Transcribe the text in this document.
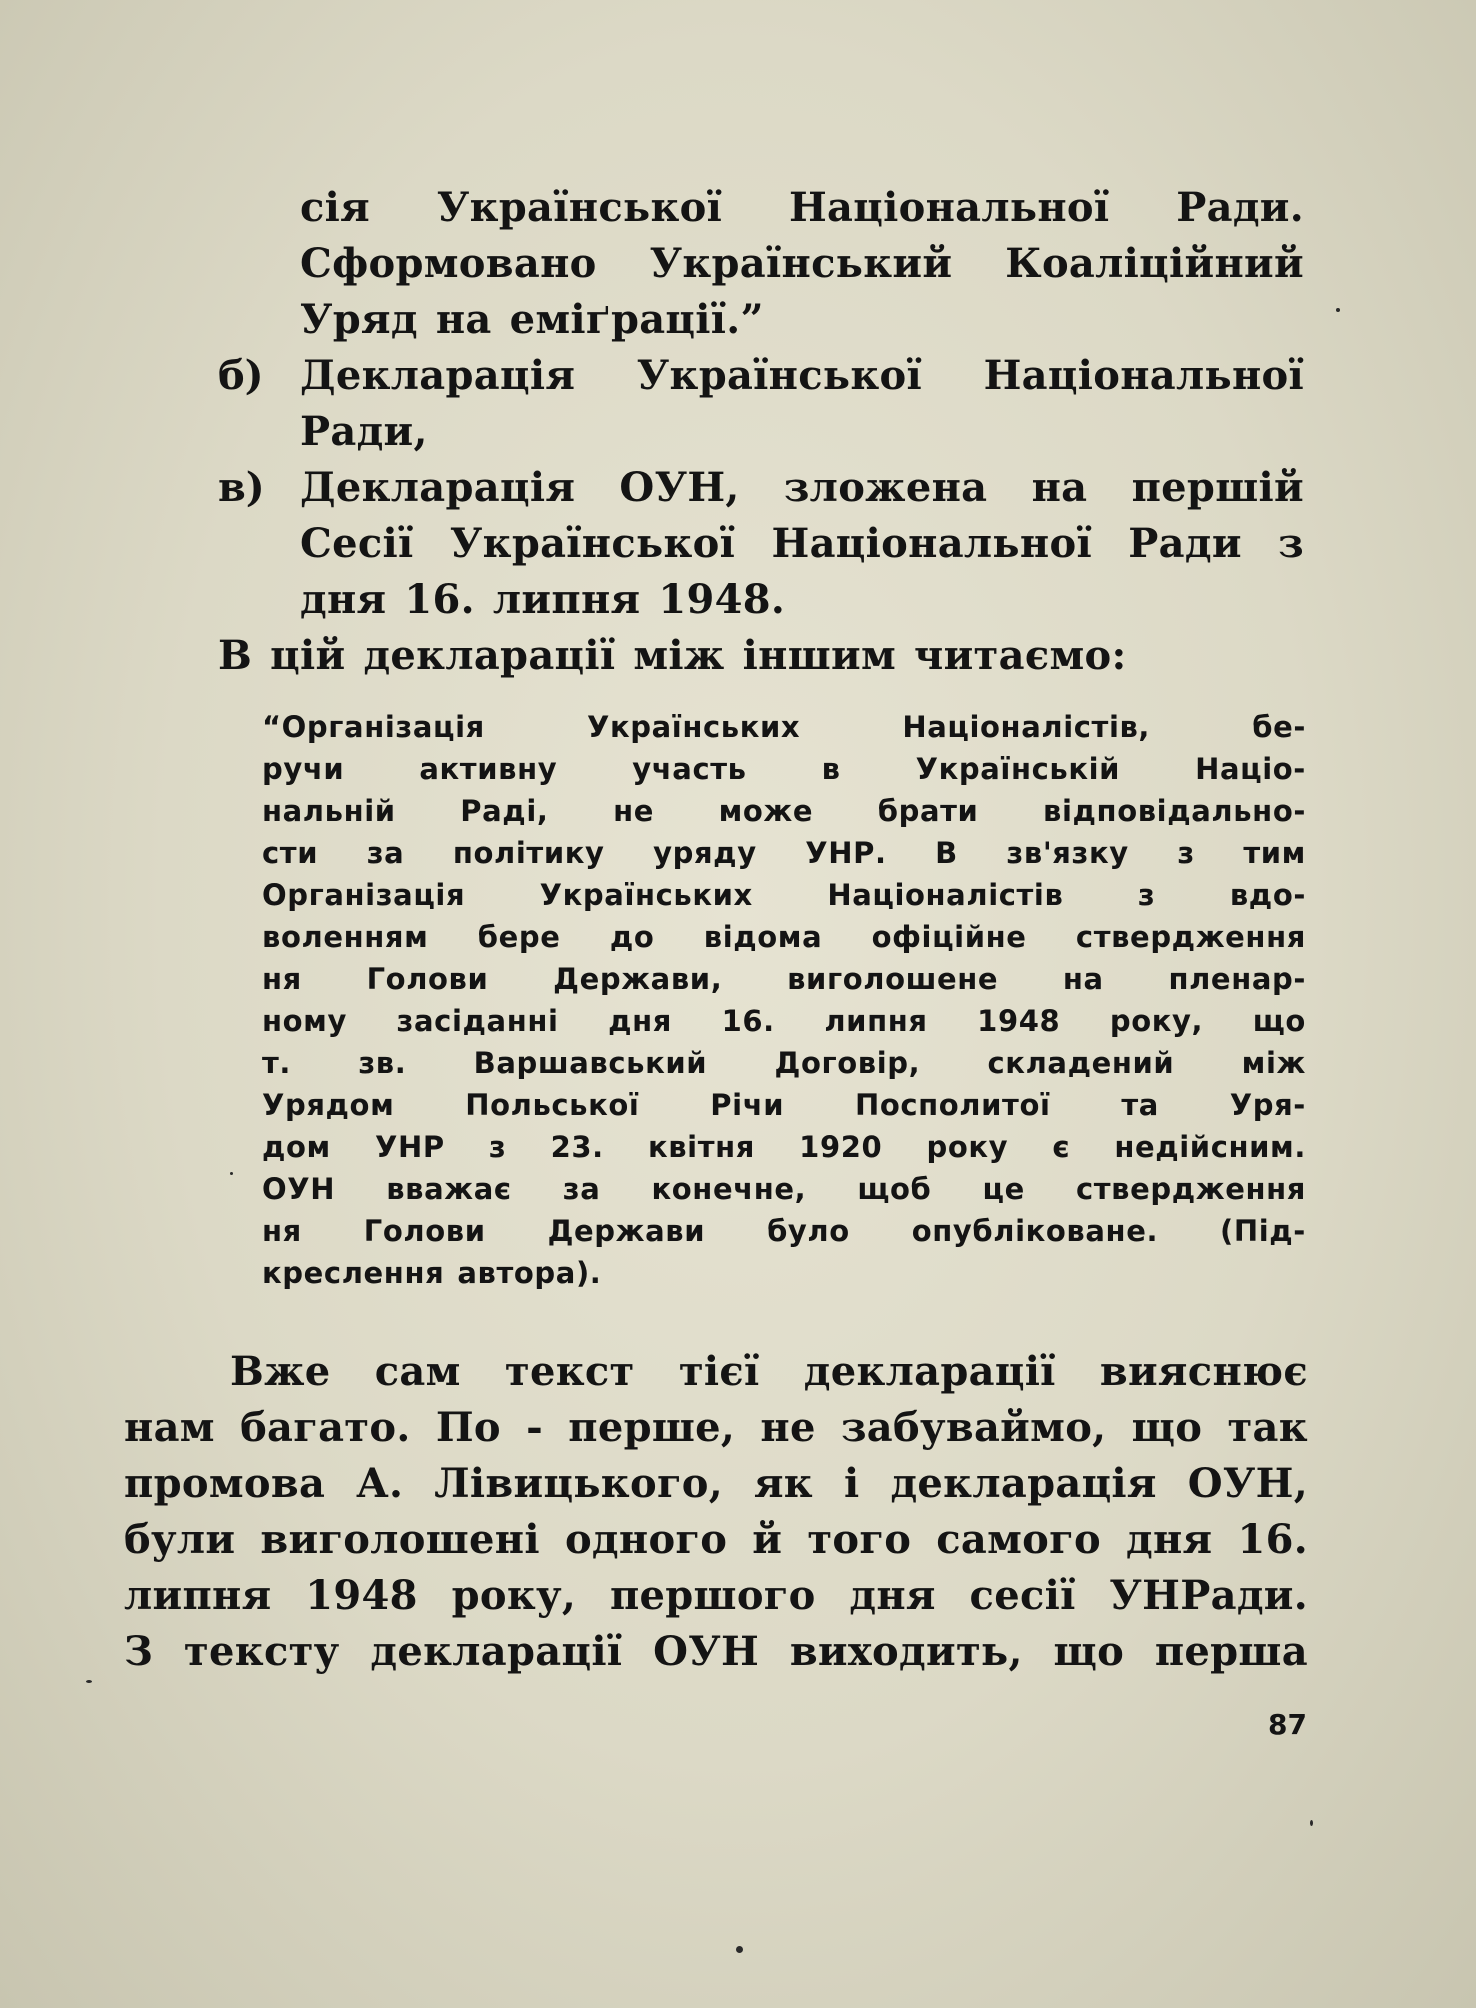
сія Української Національної Ради.
Сформовано Український Коаліційний
Уряд на еміґрації.”
б) Декларація Української Національної
Ради,
в) Декларація ОУН, зложена на першій
Сесії Української Національної Ради з
дня 16. липня 1948.
В цій декларації між іншим читаємо:
“Організація	Українських	Націоналістів,	бе-
ручи	активну	участь	в	Українській	Націо-
нальній Раді, не може брати відповідально-
сти за політику уряду УНР. В зв'язку з тим
Організація	Українських	Націоналістів	з	вдо-
воленням бере до відома офіційне ствердження
ня Голови Держави, виголошене на пленар-
ному засіданні дня 16. липня 1948 року, що
т. зв. Варшавський Договір, складений між
Урядом Польської Річи Посполитої та Уря-
дом УНР з 23. квітня 1920 року є недійсним.
ОУН вважає за конечне, щоб це ствердження
ня Голови Держави було опубліковане. (Під-
креслення автора).
Вже сам текст тієї декларації вияснює
нам багато. По - перше, не забуваймо, що так
промова А. Лівицького, як і декларація ОУН,
були виголошені одного й того самого дня 16.
липня 1948 року, першого дня сесії УНРади.
З тексту декларації ОУН виходить, що перша
87
